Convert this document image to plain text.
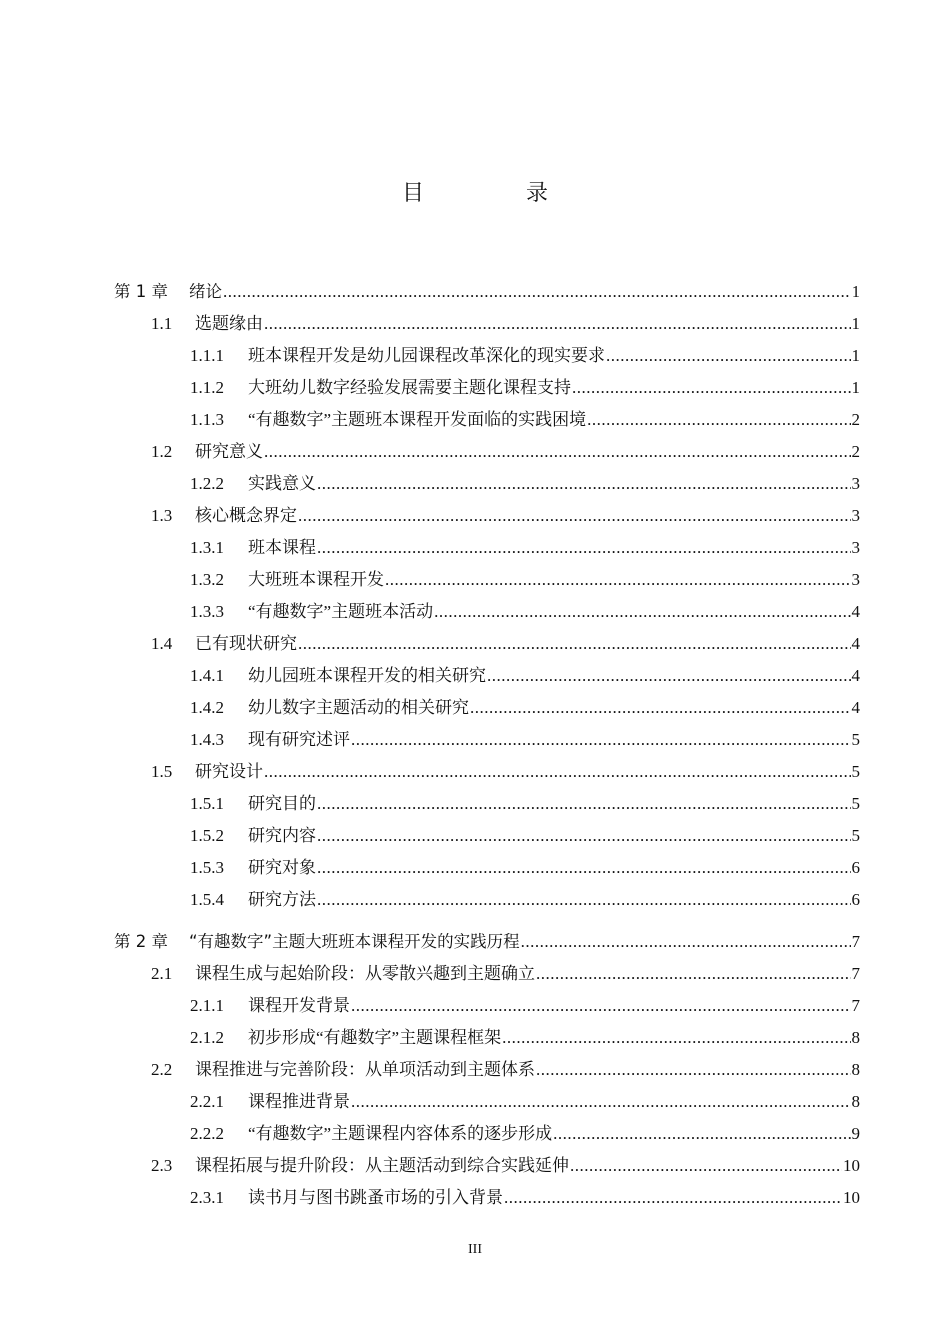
目　录
第 1 章	绪论 .....	1
1.1	选题缘由 .....	1
1.1.1	班本课程开发是幼儿园课程改革深化的现实要求 .....	1
1.1.2	大班幼儿数字经验发展需要主题化课程支持 .....	1
1.1.3	“有趣数字”主题班本课程开发面临的实践困境 .....	2
1.2	研究意义 .....	2
1.2.2	实践意义 .....	3
1.3	核心概念界定 .....	3
1.3.1	班本课程 .....	3
1.3.2	大班班本课程开发 .....	3
1.3.3	“有趣数字”主题班本活动 .....	4
1.4	已有现状研究 .....	4
1.4.1	幼儿园班本课程开发的相关研究 .....	4
1.4.2	幼儿数字主题活动的相关研究 .....	4
1.4.3	现有研究述评 .....	5
1.5	研究设计 .....	5
1.5.1	研究目的 .....	5
1.5.2	研究内容 .....	5
1.5.3	研究对象 .....	6
1.5.4	研究方法 .....	6
第 2 章	“有趣数字”主题大班班本课程开发的实践历程 .....	7
2.1	课程生成与起始阶段：从零散兴趣到主题确立 .....	7
2.1.1	课程开发背景 .....	7
2.1.2	初步形成“有趣数字”主题课程框架 .....	8
2.2	课程推进与完善阶段：从单项活动到主题体系 .....	8
2.2.1	课程推进背景 .....	8
2.2.2	“有趣数字”主题课程内容体系的逐步形成 .....	9
2.3	课程拓展与提升阶段：从主题活动到综合实践延伸 .....	10
2.3.1	读书月与图书跳蚤市场的引入背景 .....	10
III
